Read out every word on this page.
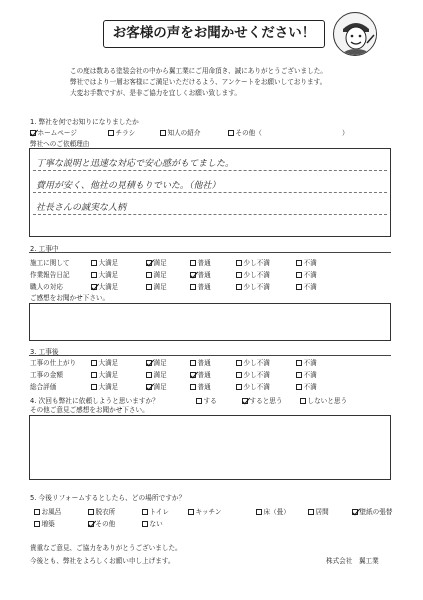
お客様の声をお聞かせください！
この度は数ある塗装会社の中から翼工業にご用命頂き、誠にありがとうございました。
弊社ではより一層お客様にご満足いただけるよう、アンケートをお願いしております。
大変お手数ですが、是非ご協力を宜しくお願い致します。
1. 弊社を何でお知りになりましたか
ホームページ	チラシ	知人の紹介	その他（	）
弊社へのご依頼理由
丁寧な説明と迅速な対応で安心感がもてました。
費用が安く、他社の見積もりでいた。（他社）
社長さんの誠実な人柄
2. 工事中
施工に関して	大満足	満足	普通	少し不満	不満
作業報告日記	大満足	満足	普通	少し不満	不満
職人の対応	大満足	満足	普通	少し不満	不満
ご感想をお聞かせ下さい。
3. 工事後
工事の仕上がり	大満足	満足	普通	少し不満	不満
工事の金額	大満足	満足	普通	少し不満	不満
総合評価	大満足	満足	普通	少し不満	不満
4. 次回も弊社に依頼しようと思いますか？	する	すると思う	しないと思う
その他ご意見ご感想をお聞かせ下さい。
5. 今後リフォームするとしたら、どの場所ですか？
お風呂	脱衣所	トイレ	キッチン	床（畳）	居間	壁紙の張替
増築	その他	ない
貴重なご意見、ご協力をありがとうございました。
今後とも、弊社をよろしくお願い申し上げます。	株式会社　翼工業
